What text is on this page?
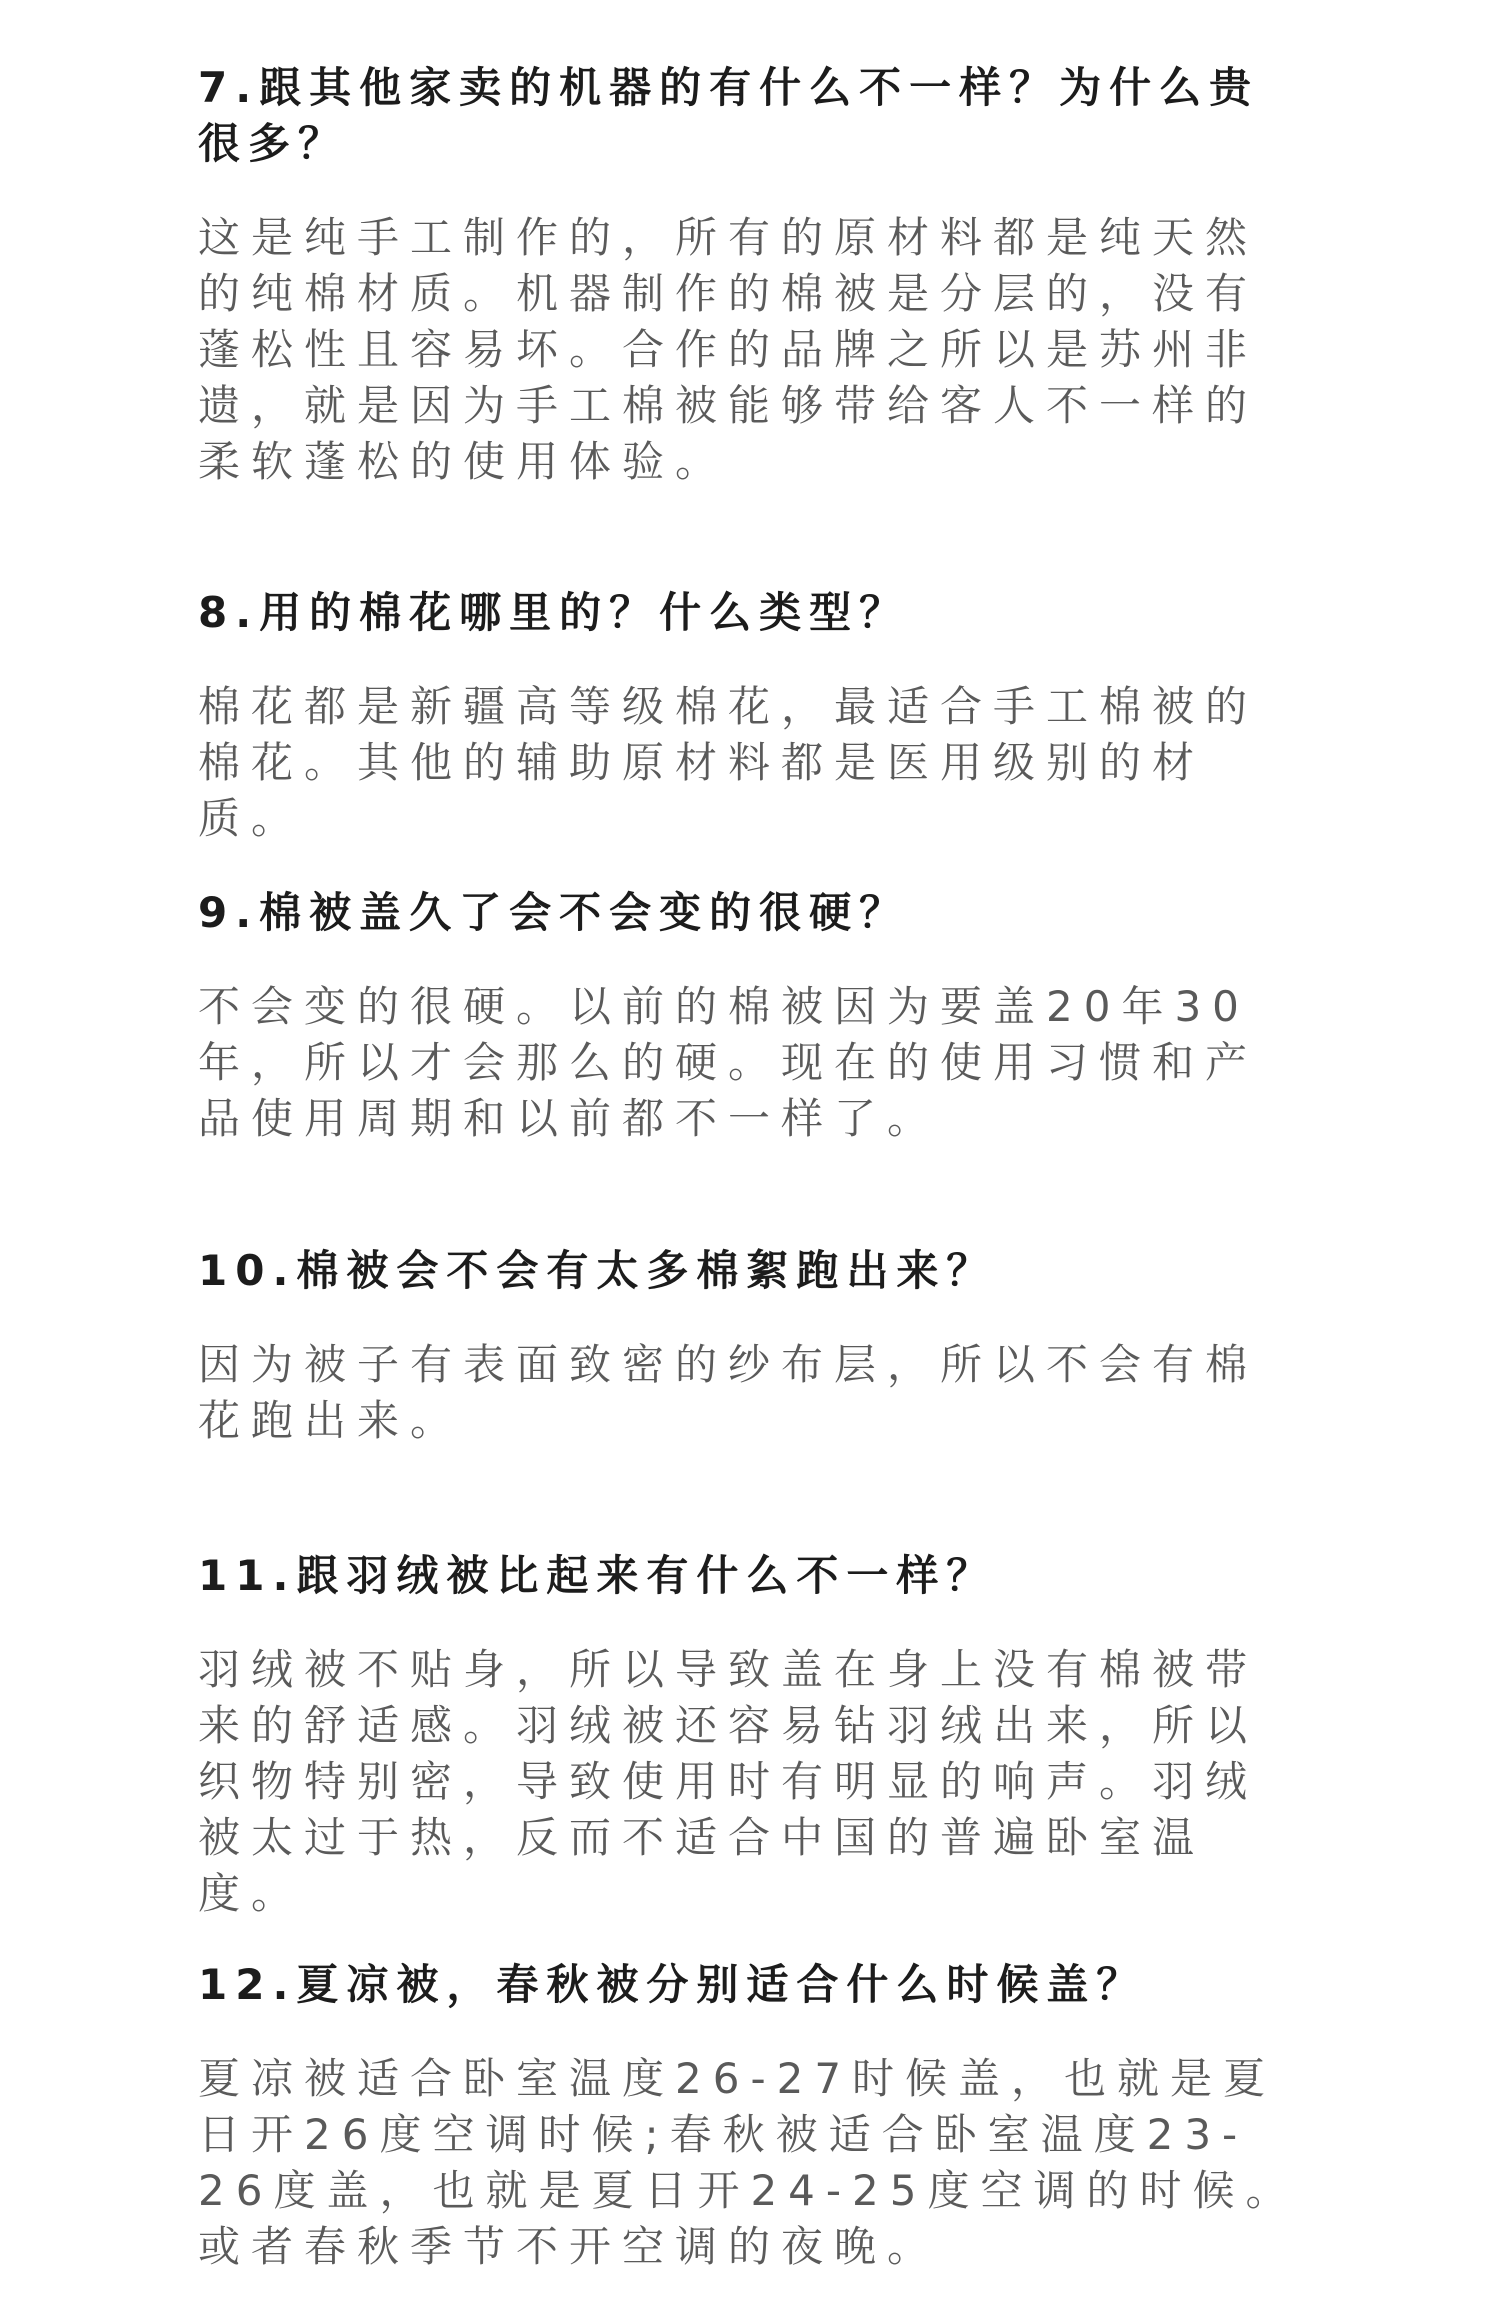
7.跟其他家卖的机器的有什么不一样？为什么贵很多？

这是纯手工制作的，所有的原材料都是纯天然的纯棉材质。机器制作的棉被是分层的，没有蓬松性且容易坏。合作的品牌之所以是苏州非遗，就是因为手工棉被能够带给客人不一样的柔软蓬松的使用体验。

8.用的棉花哪里的？什么类型？

棉花都是新疆高等级棉花，最适合手工棉被的棉花。其他的辅助原材料都是医用级别的材质。

9.棉被盖久了会不会变的很硬？

不会变的很硬。以前的棉被因为要盖20年30年，所以才会那么的硬。现在的使用习惯和产品使用周期和以前都不一样了。

10.棉被会不会有太多棉絮跑出来？

因为被子有表面致密的纱布层，所以不会有棉花跑出来。

11.跟羽绒被比起来有什么不一样？

羽绒被不贴身，所以导致盖在身上没有棉被带来的舒适感。羽绒被还容易钻羽绒出来，所以织物特别密，导致使用时有明显的响声。羽绒被太过于热，反而不适合中国的普遍卧室温度。

12.夏凉被，春秋被分别适合什么时候盖？

夏凉被适合卧室温度26-27时候盖，也就是夏日开26度空调时候;春秋被适合卧室温度23-26度盖，也就是夏日开24-25度空调的时候。或者春秋季节不开空调的夜晚。
